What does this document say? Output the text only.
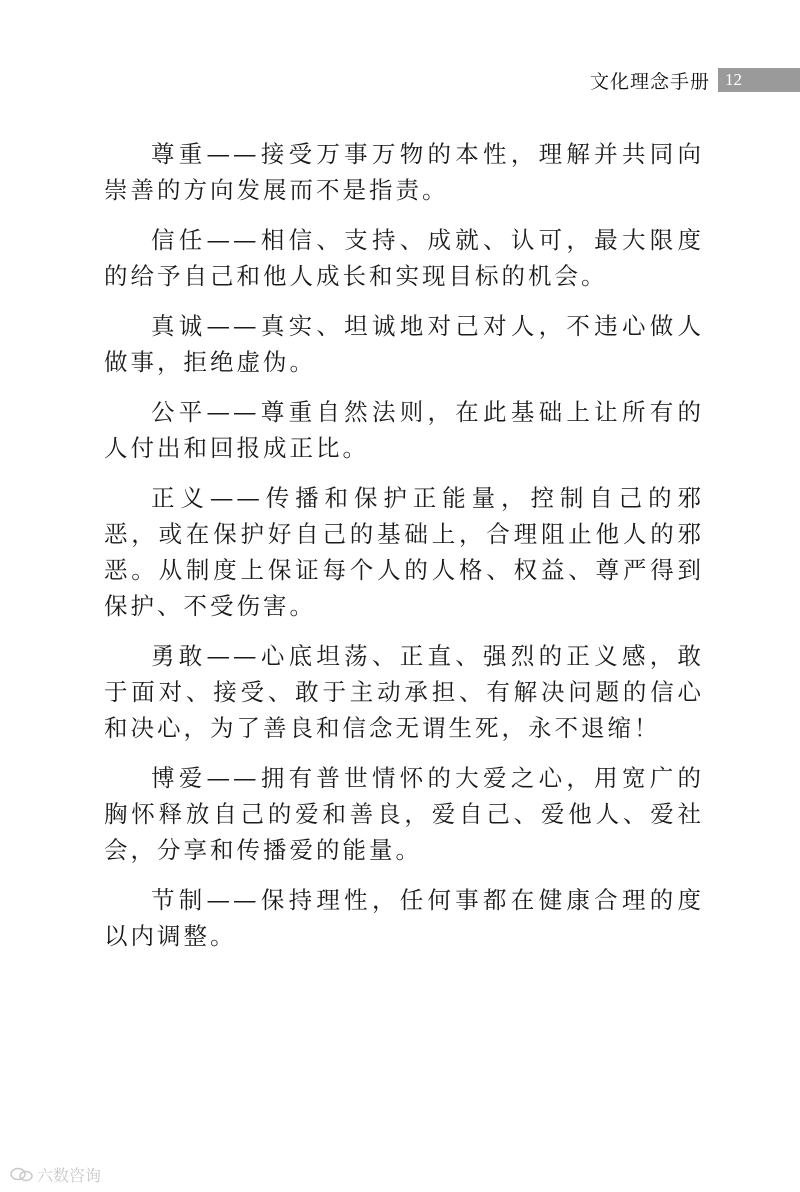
文化理念手册 12

尊重——接受万事万物的本性，理解并共同向崇善的方向发展而不是指责。

信任——相信、支持、成就、认可，最大限度的给予自己和他人成长和实现目标的机会。

真诚——真实、坦诚地对己对人，不违心做人做事，拒绝虚伪。

公平——尊重自然法则，在此基础上让所有的人付出和回报成正比。

正义——传播和保护正能量，控制自己的邪恶，或在保护好自己的基础上，合理阻止他人的邪恶。从制度上保证每个人的人格、权益、尊严得到保护、不受伤害。

勇敢——心底坦荡、正直、强烈的正义感，敢于面对、接受、敢于主动承担、有解决问题的信心和决心，为了善良和信念无谓生死，永不退缩！

博爱——拥有普世情怀的大爱之心，用宽广的胸怀释放自己的爱和善良，爱自己、爱他人、爱社会，分享和传播爱的能量。

节制——保持理性，任何事都在健康合理的度以内调整。

六数咨询
